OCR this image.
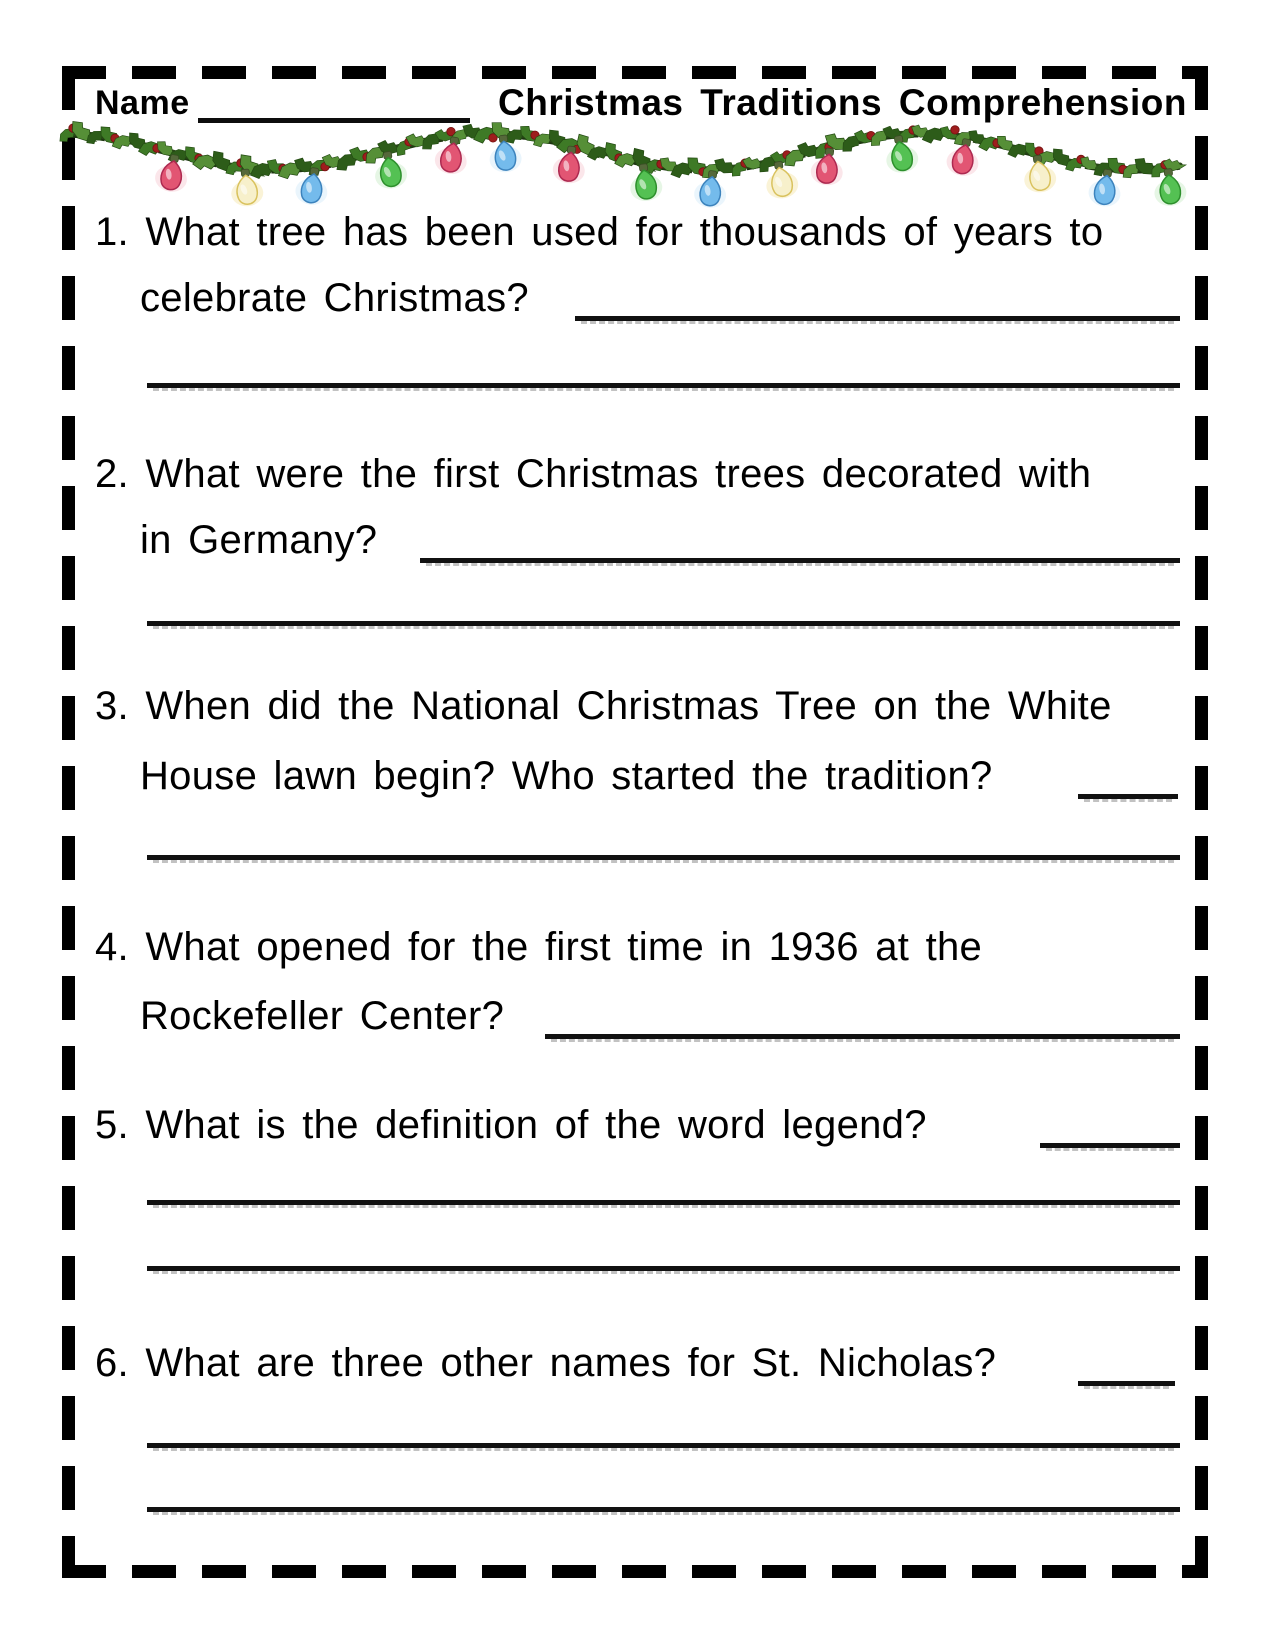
Name	Christmas Traditions Comprehension
1. What tree has been used for thousands of years to
celebrate Christmas?
2. What were the first Christmas trees decorated with
in Germany?
3. When did the National Christmas Tree on the White
House lawn begin? Who started the tradition?
4. What opened for the first time in 1936 at the
Rockefeller Center?
5. What is the definition of the word legend?
6. What are three other names for St. Nicholas?
